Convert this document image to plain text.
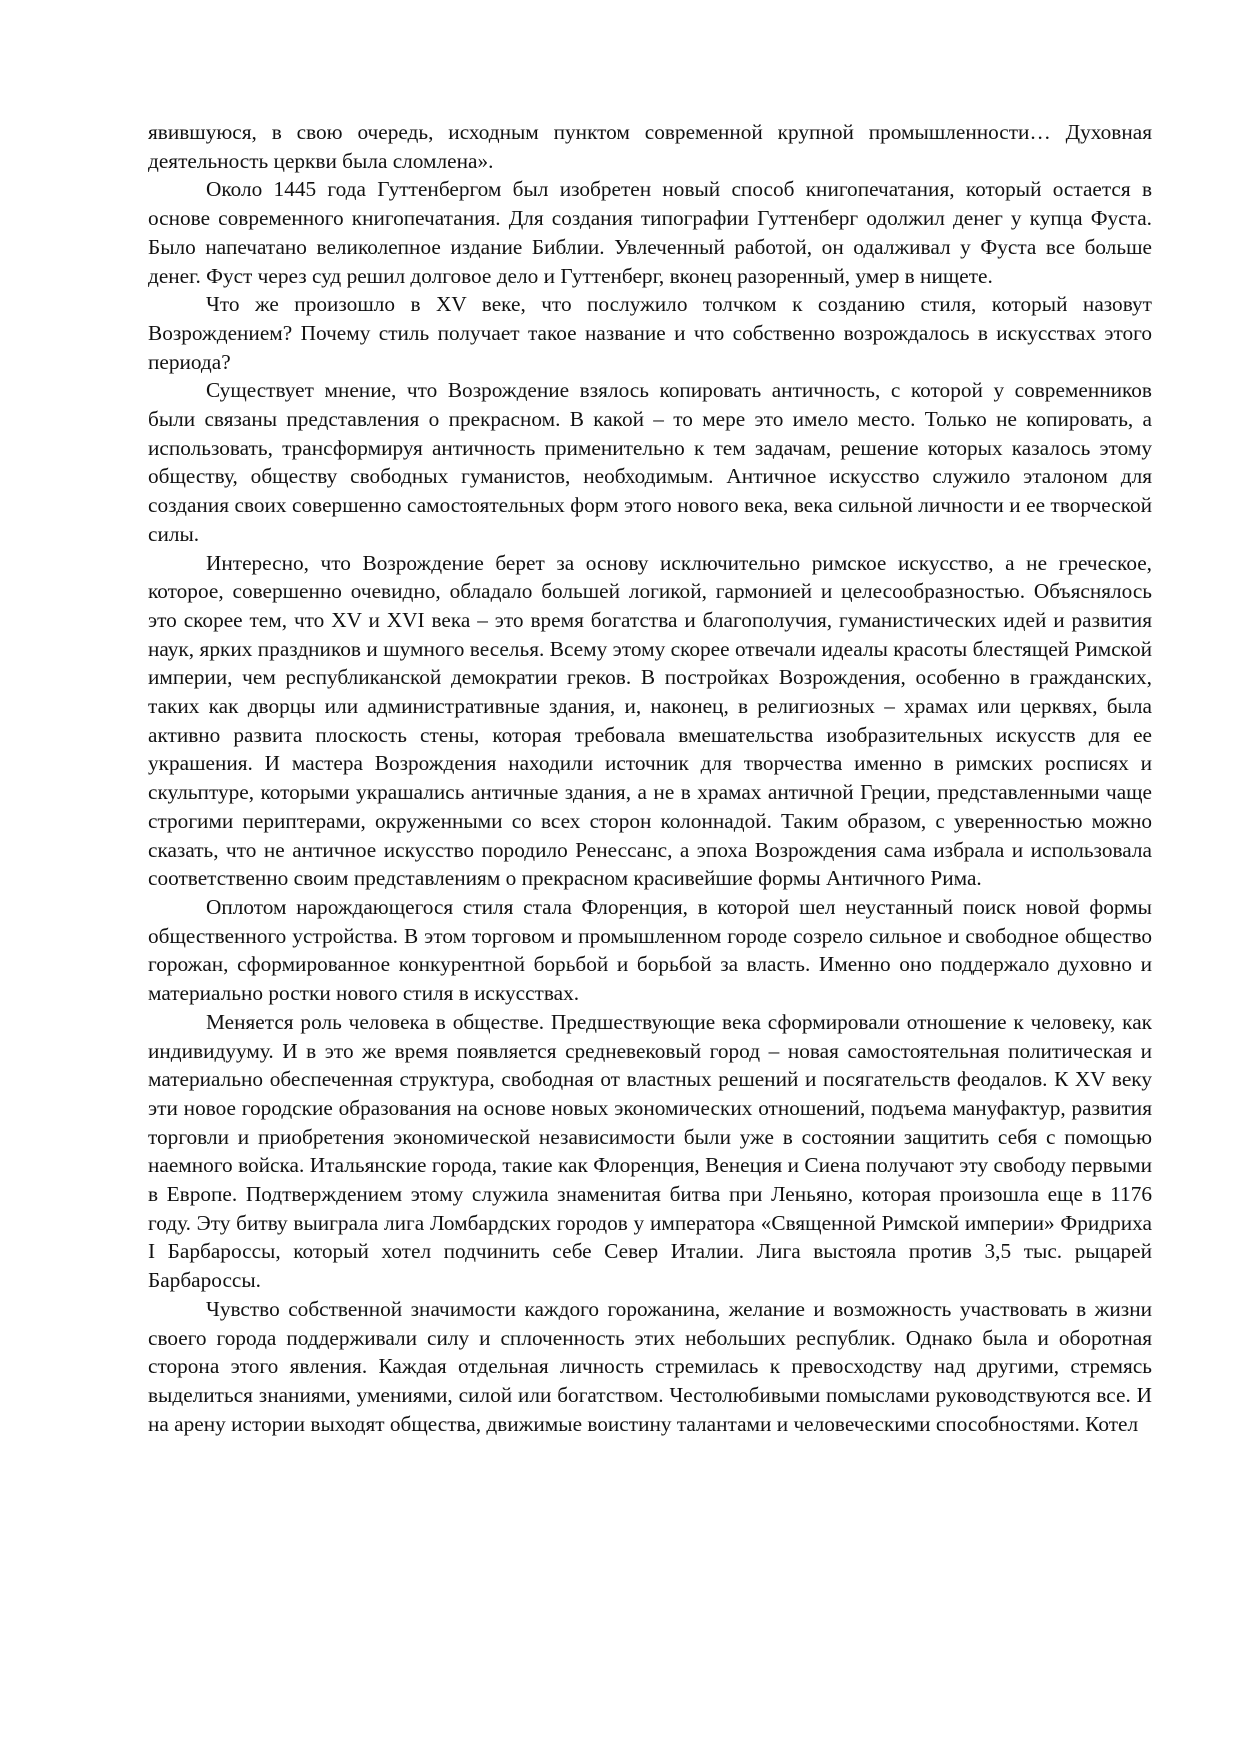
явившуюся, в свою очередь, исходным пунктом современной крупной промышленности… Духовная деятельность церкви была сломлена».

Около 1445 года Гуттенбергом был изобретен новый способ книгопечатания, который остается в основе современного книгопечатания. Для создания типографии Гуттенберг одолжил денег у купца Фуста. Было напечатано великолепное издание Библии. Увлеченный работой, он одалживал у Фуста все больше денег. Фуст через суд решил долговое дело и Гуттенберг, вконец разоренный, умер в нищете.

Что же произошло в XV веке, что послужило толчком к созданию стиля, который назовут Возрождением? Почему стиль получает такое название и что собственно возрождалось в искусствах этого периода?

Существует мнение, что Возрождение взялось копировать античность, с которой у современников были связаны представления о прекрасном. В какой – то мере это имело место. Только не копировать, а использовать, трансформируя античность применительно к тем задачам, решение которых казалось этому обществу, обществу свободных гуманистов, необходимым. Античное искусство служило эталоном для создания своих совершенно самостоятельных форм этого нового века, века сильной личности и ее творческой силы.

Интересно, что Возрождение берет за основу исключительно римское искусство, а не греческое, которое, совершенно очевидно, обладало большей логикой, гармонией и целесообразностью. Объяснялось это скорее тем, что XV и XVI века – это время богатства и благополучия, гуманистических идей и развития наук, ярких праздников и шумного веселья. Всему этому скорее отвечали идеалы красоты блестящей Римской империи, чем республиканской демократии греков. В постройках Возрождения, особенно в гражданских, таких как дворцы или административные здания, и, наконец, в религиозных – храмах или церквях, была активно развита плоскость стены, которая требовала вмешательства изобразительных искусств для ее украшения. И мастера Возрождения находили источник для творчества именно в римских росписях и скульптуре, которыми украшались античные здания, а не в храмах античной Греции, представленными чаще строгими периптерами, окруженными со всех сторон колоннадой. Таким образом, с уверенностью можно сказать, что не античное искусство породило Ренессанс, а эпоха Возрождения сама избрала и использовала соответственно своим представлениям о прекрасном красивейшие формы Античного Рима.

Оплотом нарождающегося стиля стала Флоренция, в которой шел неустанный поиск новой формы общественного устройства. В этом торговом и промышленном городе созрело сильное и свободное общество горожан, сформированное конкурентной борьбой и борьбой за власть. Именно оно поддержало духовно и материально ростки нового стиля в искусствах.

Меняется роль человека в обществе. Предшествующие века сформировали отношение к человеку, как индивидууму. И в это же время появляется средневековый город – новая самостоятельная политическая и материально обеспеченная структура, свободная от властных решений и посягательств феодалов. К XV веку эти новое городские образования на основе новых экономических отношений, подъема мануфактур, развития торговли и приобретения экономической независимости были уже в состоянии защитить себя с помощью наемного войска. Итальянские города, такие как Флоренция, Венеция и Сиена получают эту свободу первыми в Европе. Подтверждением этому служила знаменитая битва при Леньяно, которая произошла еще в 1176 году. Эту битву выиграла лига Ломбардских городов у императора «Священной Римской империи» Фридриха I Барбароссы, который хотел подчинить себе Север Италии. Лига выстояла против 3,5 тыс. рыцарей Барбароссы.

Чувство собственной значимости каждого горожанина, желание и возможность участвовать в жизни своего города поддерживали силу и сплоченность этих небольших республик. Однако была и оборотная сторона этого явления. Каждая отдельная личность стремилась к превосходству над другими, стремясь выделиться знаниями, умениями, силой или богатством. Честолюбивыми помыслами руководствуются все. И на арену истории выходят общества, движимые воистину талантами и человеческими способностями. Котел
